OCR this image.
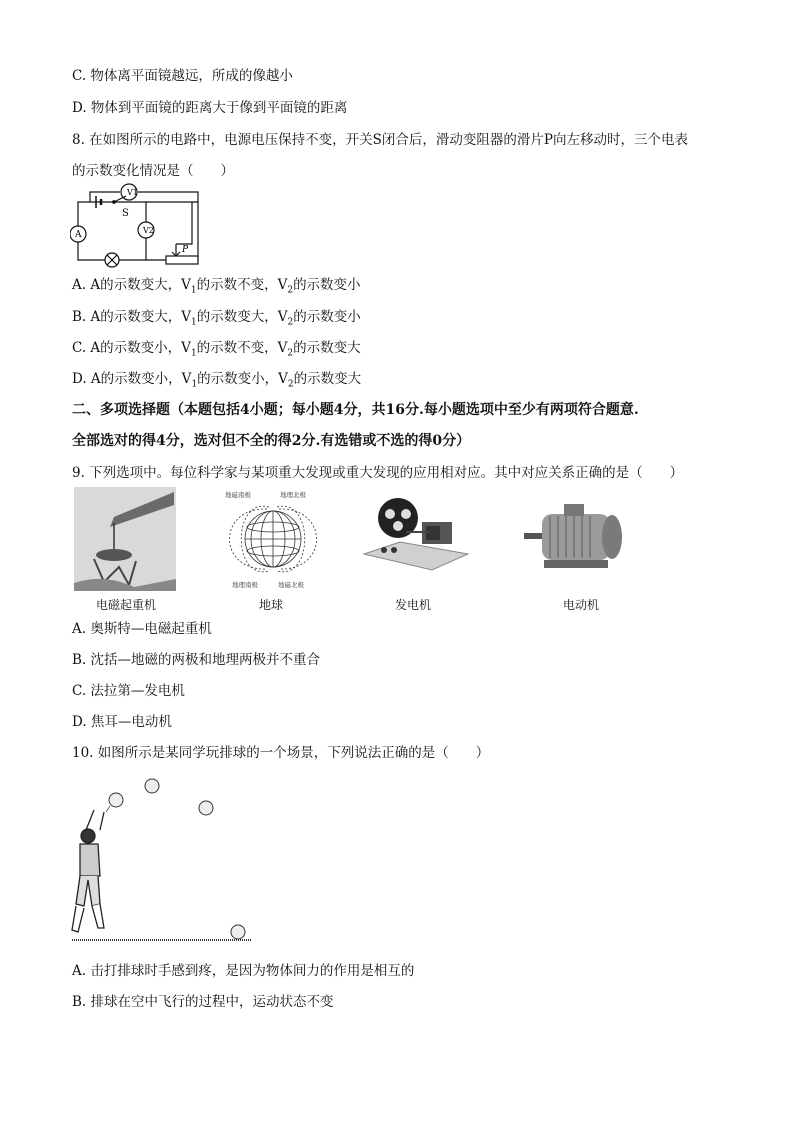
C. 物体离平面镜越远，所成的像越小
D. 物体到平面镜的距离大于像到平面镜的距离
8. 在如图所示的电路中，电源电压保持不变，开关S闭合后，滑动变阻器的滑片P向左移动时，三个电表
的示数变化情况是（　　）
V1
V2
A
S
P
A. A的示数变大，$V_1$的示数不变，$V_2$的示数变小
B. A的示数变大，$V_1$的示数变大，$V_2$的示数变小
C. A的示数变小，$V_1$的示数不变，$V_2$的示数变大
D. A的示数变小，$V_1$的示数变小，$V_2$的示数变大
二、多项选择题（本题包括4小题；每小题4分，共16分.每小题选项中至少有两项符合题意.
全部选对的得4分，选对但不全的得2分.有选错或不选的得0分）
9. 下列选项中。每位科学家与某项重大发现或重大发现的应用相对应。其中对应关系正确的是（　　）
地磁南极	地理北极
地理南极	地磁北极
电磁起重机	地球	发电机	电动机
A. 奥斯特—电磁起重机
B. 沈括—地磁的两极和地理两极并不重合
C. 法拉第—发电机
D. 焦耳—电动机
10. 如图所示是某同学玩排球的一个场景，下列说法正确的是（　　）
A. 击打排球时手感到疼，是因为物体间力的作用是相互的
B. 排球在空中飞行的过程中，运动状态不变
